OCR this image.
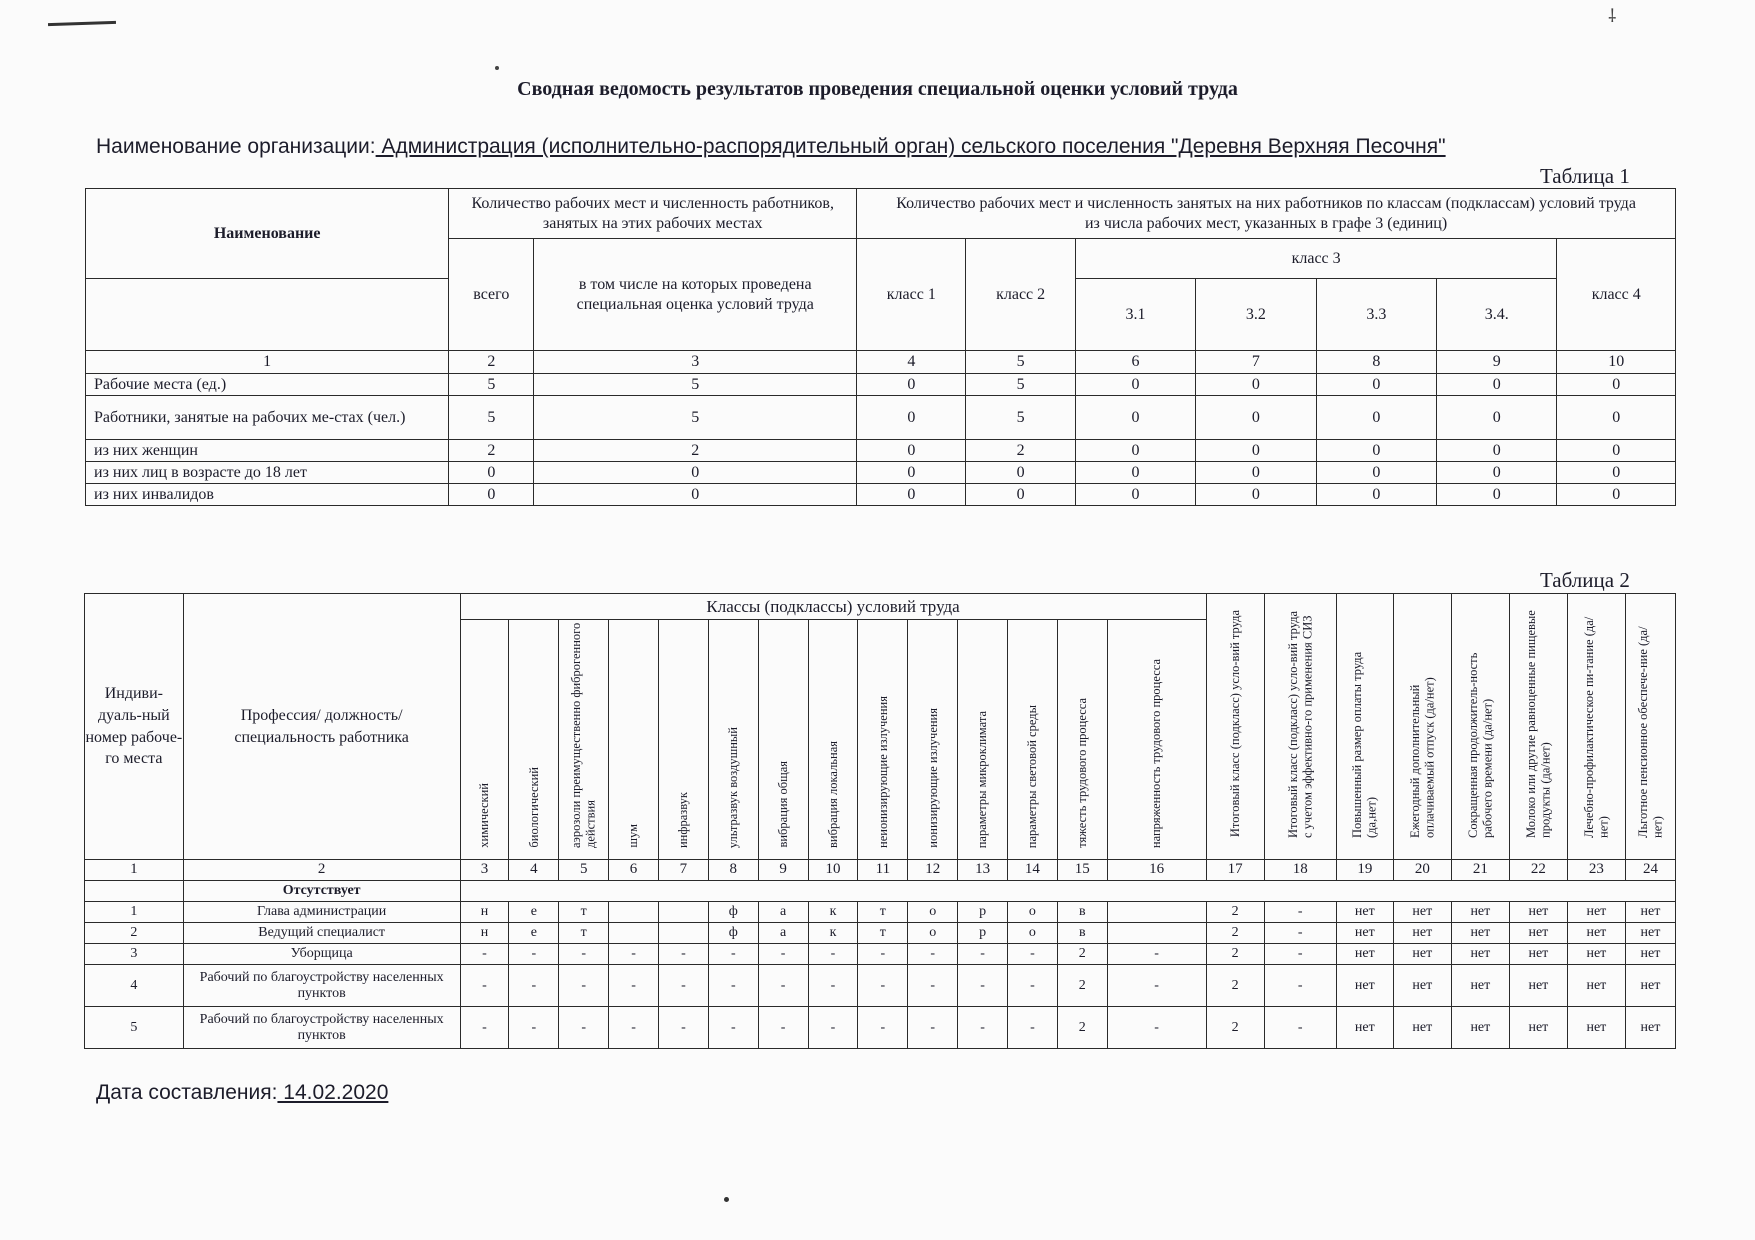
⸸
Сводная ведомость результатов проведения специальной оценки условий труда
Наименование организации: Администрация (исполнительно-распорядительный орган) сельского поселения "Деревня Верхняя Песочня"
Таблица 1
Наименование	Количество рабочих мест и численность работников, занятых на этих рабочих местах		Количество рабочих мест и численность занятых на них работников по классам (подклассам) условий труда из числа рабочих мест, указанных в графе 3 (единиц)						
	всего	в том числе на которых проведена специальная оценка условий труда	класс 1	класс 2	класс 3				класс 4
					3.1	3.2	3.3	3.4.	
1	2	3	4	5	6	7	8	9	10
Рабочие места (ед.)	5	5	0	5	0	0	0	0	0
Работники, занятые на рабочих ме-стах (чел.)	5	5	0	5	0	0	0	0	0
из них женщин	2	2	0	2	0	0	0	0	0
из них лиц в возрасте до 18 лет	0	0	0	0	0	0	0	0	0
из них инвалидов	0	0	0	0	0	0	0	0	0
Таблица 2
Индиви-дуаль-ный номер рабоче-го места	Профессия/ должность/ специальность работника	Классы (подклассы) условий труда														Итоговый класс (подкласс) усло-вий труда	Итоговый класс (подкласс) усло-вий труда с учетом эффективно-го применения СИЗ	Повышенный размер оплаты труда (да,нет)	Ежегодный дополнительный оплачиваемый отпуск (да/нет)	Сокращенная продолжитель-ность рабочего времени (да/нет)	Молоко или другие равноценные пищевые продукты (да/нет)	Лечебно-профилактическое пи-тание (да/нет)	Льготное пенсионное обеспече-ние (да/нет)
		химический	биологический	аэрозоли преимущественно фиброгенного действия	шум	инфразвук	ультразвук воздушный	вибрация общая	вибрация локальная	неионизирующие излучения	ионизирующие излучения	параметры микроклимата	параметры световой среды	тяжесть трудового процесса	напряженность трудового процесса								
1	2	3	4	5	6	7	8	9	10	11	12	13	14	15	16	17	18	19	20	21	22	23	24
	Отсутствует																						
1	Глава администрации	н	е	т			ф	а	к	т	о	р	о	в		2	-	нет	нет	нет	нет	нет	нет
2	Ведущий специалист	н	е	т			ф	а	к	т	о	р	о	в		2	-	нет	нет	нет	нет	нет	нет
3	Уборщица	-	-	-	-	-	-	-	-	-	-	-	-	2	-	2	-	нет	нет	нет	нет	нет	нет
4	Рабочий по благоустройству населенных пунктов	-	-	-	-	-	-	-	-	-	-	-	-	2	-	2	-	нет	нет	нет	нет	нет	нет
5	Рабочий по благоустройству населенных пунктов	-	-	-	-	-	-	-	-	-	-	-	-	2	-	2	-	нет	нет	нет	нет	нет	нет
Дата составления: 14.02.2020
